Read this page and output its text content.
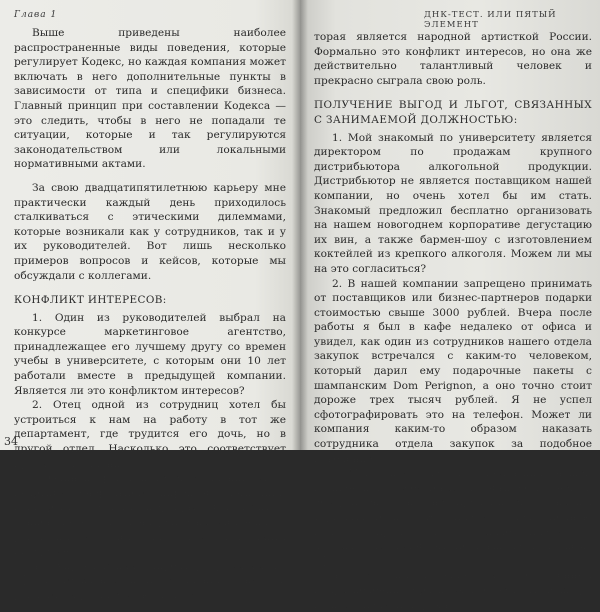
Глава 1

Выше приведены наиболее распространенные виды поведения, которые регулирует Кодекс, но каждая компания может включать в него дополнительные пункты в зависимости от типа и специфики бизнеса. Главный принцип при составлении Кодекса — это следить, чтобы в него не попадали те ситуации, которые и так регулируются законодательством или локальными нормативными актами.

За свою двадцатипятилетнюю карьеру мне практически каждый день приходилось сталкиваться с этическими дилеммами, которые возникали как у сотрудников, так и у их руководителей. Вот лишь несколько примеров вопросов и кейсов, которые мы обсуждали с коллегами.

КОНФЛИКТ ИНТЕРЕСОВ:

1. Один из руководителей выбрал на конкурсе маркетинговое агентство, принадлежащее его лучшему другу со времен учебы в университете, с которым они 10 лет работали вместе в предыдущей компании. Является ли это конфликтом интересов?

2. Отец одной из сотрудниц хотел бы устроиться к нам на работу в тот же департамент, где трудится его дочь, но в другой отдел. Насколько это соответствует правилам компании?

3. Один из руководителей компании сдает квартиру генеральному директору компании-конкурента. Оплата квартиры происходит с банковского счета конкурента на счет нашего руководителя. Нет ли здесь конфликта интересов?

4. Управляющий директор российского офиса международной компании снял в рекламном ролике свою жену, ко-

34
ДНК-ТЕСТ. ИЛИ ПЯТЫЙ ЭЛЕМЕНТ

торая является народной артисткой России. Формально это конфликт интересов, но она же действительно талантливый человек и прекрасно сыграла свою роль.

ПОЛУЧЕНИЕ ВЫГОД И ЛЬГОТ, СВЯЗАННЫХ С ЗАНИМАЕМОЙ ДОЛЖНОСТЬЮ:

1. Мой знакомый по университету является директором по продажам крупного дистрибьютора алкогольной продукции. Дистрибьютор не является поставщиком нашей компании, но очень хотел бы им стать. Знакомый предложил бесплатно организовать на нашем новогоднем корпоративе дегустацию их вин, а также бармен-шоу с изготовлением коктейлей из крепкого алкоголя. Можем ли мы на это согласиться?

2. В нашей компании запрещено принимать от поставщиков или бизнес-партнеров подарки стоимостью свыше 3000 рублей. Вчера после работы я был в кафе недалеко от офиса и увидел, как один из сотрудников нашего отдела закупок встречался с каким-то человеком, который дарил ему подарочные пакеты с шампанским Dom Perignon, а оно точно стоит дороже трех тысяч рублей. Я не успел сфотографировать это на телефон. Может ли компания каким-то образом наказать сотрудника отдела закупок за подобное поведение?

3. Могу ли я заказать у поставщика нашей компании для себя товар, который есть у него в ассортименте, но не представлен в наших торговых точках? Я заплачу за него полную цену по прайс-листу, а также оплачу его доставку транспортом поставщика к нашему офису.

4. Руководитель одного из обособленных подразделений обратился к своему менеджеру по персоналу, которая в
